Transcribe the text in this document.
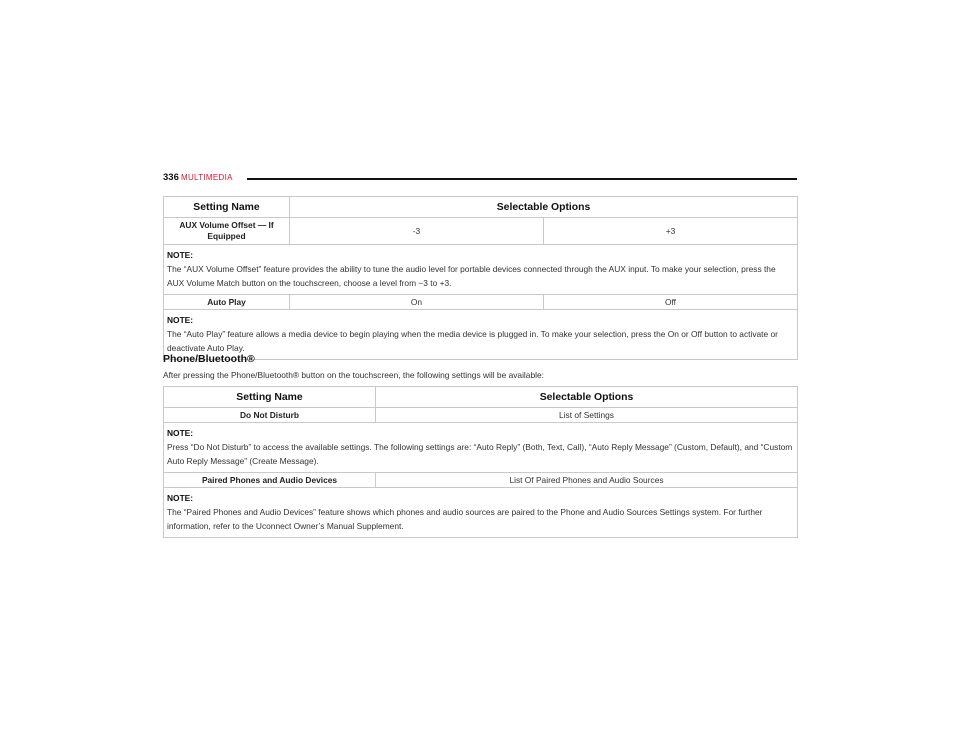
336 MULTIMEDIA
Setting Name	Selectable Options	
AUX Volume Offset — If Equipped	-3	+3
NOTE:
The “AUX Volume Offset” feature provides the ability to tune the audio level for portable devices connected through the AUX input. To make your selection, press the AUX Volume Match button on the touchscreen, choose a level from −3 to +3.		
Auto Play	On	Off
NOTE:
The “Auto Play” feature allows a media device to begin playing when the media device is plugged in. To make your selection, press the On or Off button to activate or deactivate Auto Play.		
Phone/Bluetooth®
After pressing the Phone/Bluetooth® button on the touchscreen, the following settings will be available:
Setting Name	Selectable Options
Do Not Disturb	List of Settings
NOTE:
Press “Do Not Disturb” to access the available settings. The following settings are: “Auto Reply” (Both, Text, Call), “Auto Reply Message” (Custom, Default), and “Custom Auto Reply Message” (Create Message).	
Paired Phones and Audio Devices	List Of Paired Phones and Audio Sources
NOTE:
The “Paired Phones and Audio Devices” feature shows which phones and audio sources are paired to the Phone and Audio Sources Settings system. For further information, refer to the Uconnect Owner’s Manual Supplement.	
